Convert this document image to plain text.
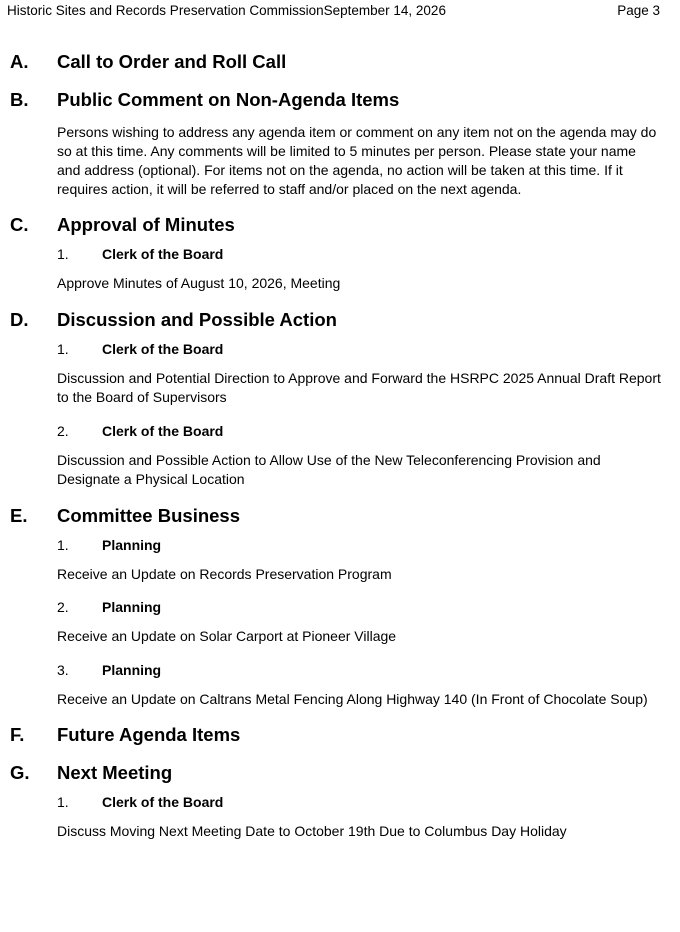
Historic Sites and Records Preservation CommissionSeptember 14, 2026	Page 3
A.	Call to Order and Roll Call
B.	Public Comment on Non-Agenda Items

Persons wishing to address any agenda item or comment on any item not on the agenda may do so at this time. Any comments will be limited to 5 minutes per person. Please state your name and address (optional). For items not on the agenda, no action will be taken at this time. If it requires action, it will be referred to staff and/or placed on the next agenda.

C.	Approval of Minutes
1.	Clerk of the Board

Approve Minutes of August 10, 2026, Meeting

D.	Discussion and Possible Action
1.	Clerk of the Board

Discussion and Potential Direction to Approve and Forward the HSRPC 2025 Annual Draft Report to the Board of Supervisors

2.	Clerk of the Board

Discussion and Possible Action to Allow Use of the New Teleconferencing Provision and Designate a Physical Location

E.	Committee Business
1.	Planning

Receive an Update on Records Preservation Program

2.	Planning

Receive an Update on Solar Carport at Pioneer Village

3.	Planning

Receive an Update on Caltrans Metal Fencing Along Highway 140 (In Front of Chocolate Soup)

F.	Future Agenda Items
G.	Next Meeting
1.	Clerk of the Board

Discuss Moving Next Meeting Date to October 19th Due to Columbus Day Holiday
